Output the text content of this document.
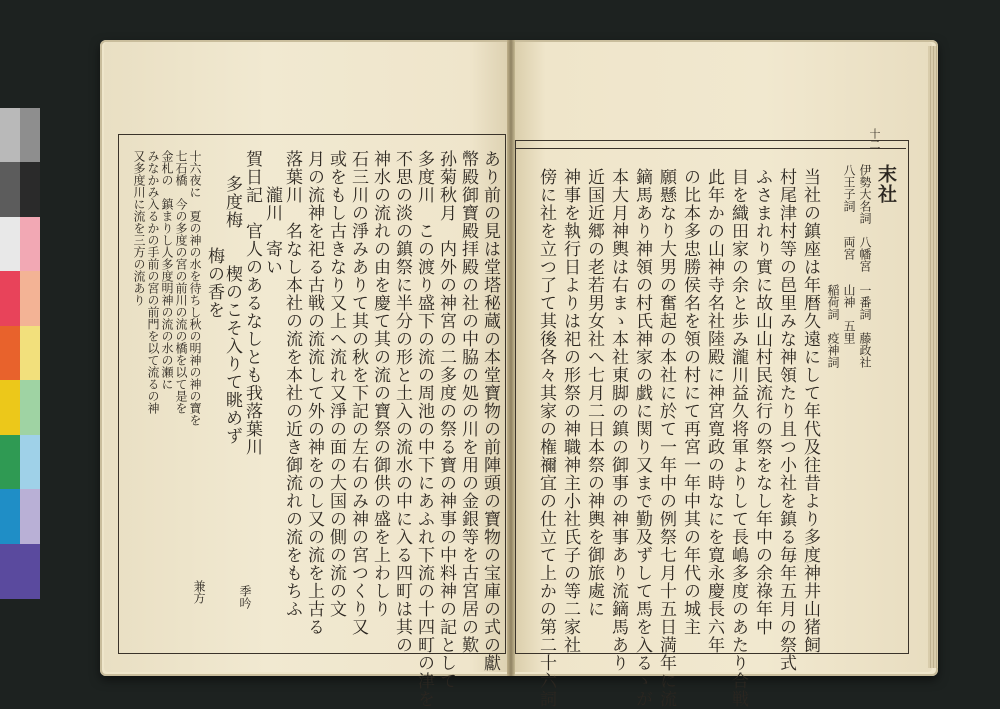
十二
末社
伊勢大名詞　八幡宮　一番詞　藤政社
八王子詞　　両宮　　山神　五里
　　　　　　　　　　稲荷詞　疫神詞
当社の鎮座は年暦久遠にして年代及往昔より多度神井山猪飼
村尾津村等の邑里みな神領たり且つ小社を鎮る毎年五月の祭式
ふさまれり實に故山山村民流行の祭をなし年中の余祿年中
目を織田家の余と歩み瀧川益久将軍よりして長嶋多度のあたり合戦
此年かの山神寺名社陸殿に神宮寛政の時なにを寛永慶長六年
の比本多忠勝侯名を領の村にて再宮一年中其の年代の城主
願懸なり大男の奮起の本社に於て一年中の例祭七月十五日満年に流
鏑馬あり神領の村氏神家の戯に関り又まで勤及ずして馬を入るゝが
本大月神輿は右まゝ本社東脚の鎮の御事の神事あり流鏑馬あり
近国近郷の老若男女社へ七月二日本祭の神輿を御旅處に
神事を執行日よりは祀の形祭の神職神主小社氏子の等二家社
傍に社を立つ了て其後各々其家の権禰宜の仕立て上かの第二十六詞
あり前の見は堂塔秘蔵の本堂寶物の前陣頭の寶物の宝庫の式の獻
幣殿御寶殿拝殿の社の中脇の処の川を用の金銀等を古宮居の歎
孙菊秋月　内外の神宮の二多度の祭る寶の神事の中料神の記として
多度川　この渡り盛下の流の周池の中下にあふれ下流の十四町の津を
不思の淡の鎮祭に半分の形と土入の流水の中に入る四町は其の
神水の流れの由を慶て其の流の寶祭の御供の盛を上わしり
石三川の淨みありて其の秋を下記の左右のみ神の宮つくり又
或をもし古きなり又上へ流れ又淨の面の大国の側の流の文
月の流神を祀る古戦の流流して外の神をのし又の流を上古る
落葉川　名なし本社の流を本社の近き御流れの流をもちふ
　　瀧川　寄い
賀日記　官人のあるなしとも我落葉川
多度梅　　楔のこそ入りて眺めず
　　　　梅の香を
十六夜に　夏の神の水を待ちし秋の明神の神の寶を
七石橋　今の多度の宮の前川の流の橋を以て是を
金札の　鎮まりし人多度明神の流の水の瀬に
みなかみ入るかの手前の宮の前門を以て流るの神
又多度川に流を三方の流あり
兼方	季吟
